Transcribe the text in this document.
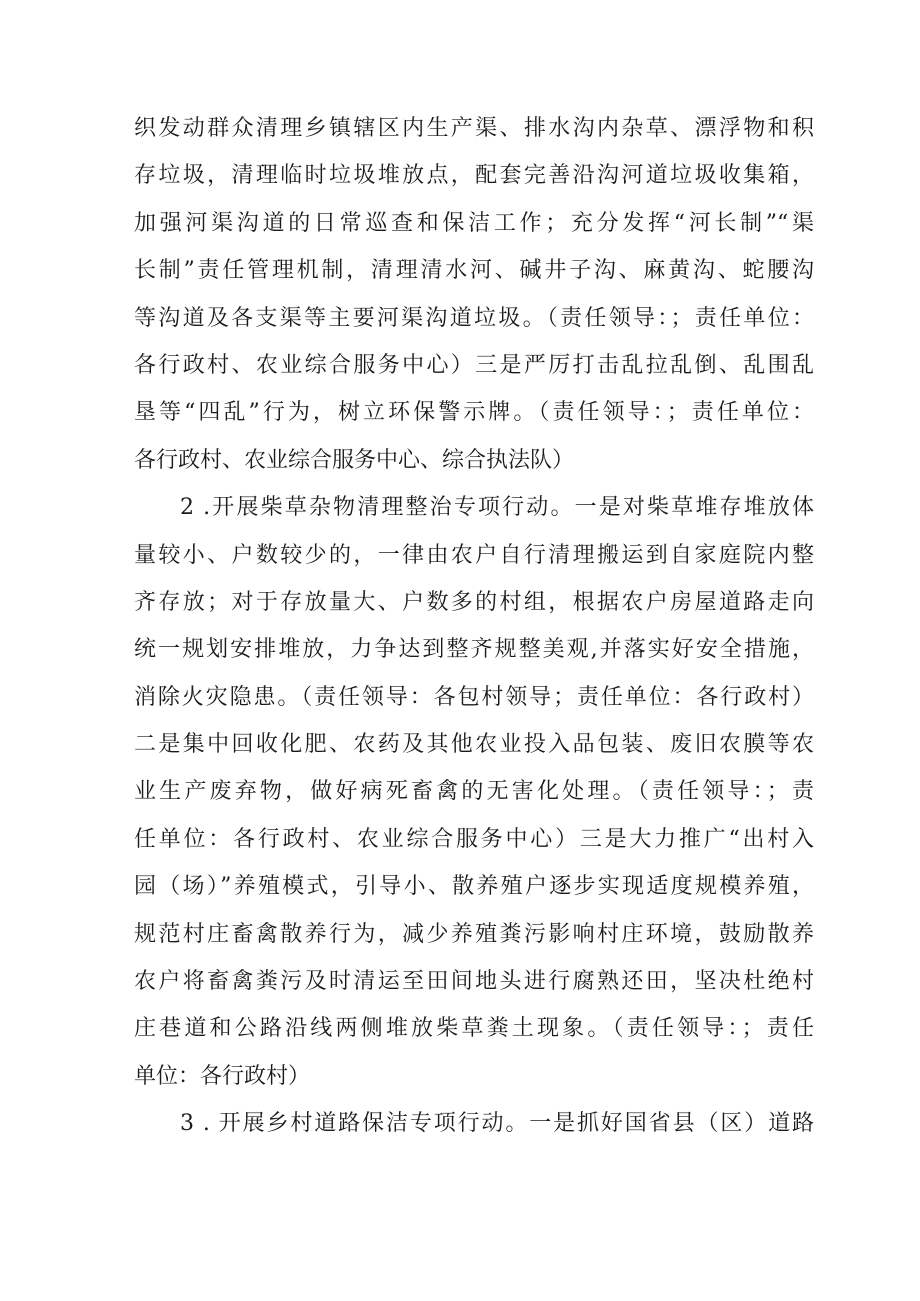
织发动群众清理乡镇辖区内生产渠、排水沟内杂草、漂浮物和积
存垃圾，清理临时垃圾堆放点，配套完善沿沟河道垃圾收集箱，
加强河渠沟道的日常巡查和保洁工作；充分发挥“河长制”“渠
长制”责任管理机制，清理清水河、碱井子沟、麻黄沟、蛇腰沟
等沟道及各支渠等主要河渠沟道垃圾。（责任领导：；责任单位：
各行政村、农业综合服务中心）三是严厉打击乱拉乱倒、乱围乱
垦等“四乱”行为，树立环保警示牌。（责任领导：；责任单位：
各行政村、农业综合服务中心、综合执法队）
2 .开展柴草杂物清理整治专项行动。一是对柴草堆存堆放体
量较小、户数较少的，一律由农户自行清理搬运到自家庭院内整
齐存放；对于存放量大、户数多的村组，根据农户房屋道路走向
统一规划安排堆放，力争达到整齐规整美观,并落实好安全措施，
消除火灾隐患。（责任领导：各包村领导；责任单位：各行政村）
二是集中回收化肥、农药及其他农业投入品包装、废旧农膜等农
业生产废弃物，做好病死畜禽的无害化处理。（责任领导：；责
任单位：各行政村、农业综合服务中心）三是大力推广“出村入
园（场）”养殖模式，引导小、散养殖户逐步实现适度规模养殖，
规范村庄畜禽散养行为，减少养殖粪污影响村庄环境，鼓励散养
农户将畜禽粪污及时清运至田间地头进行腐熟还田，坚决杜绝村
庄巷道和公路沿线两侧堆放柴草粪土现象。（责任领导：；责任
单位：各行政村）
3 . 开展乡村道路保洁专项行动。一是抓好国省县（区）道路
